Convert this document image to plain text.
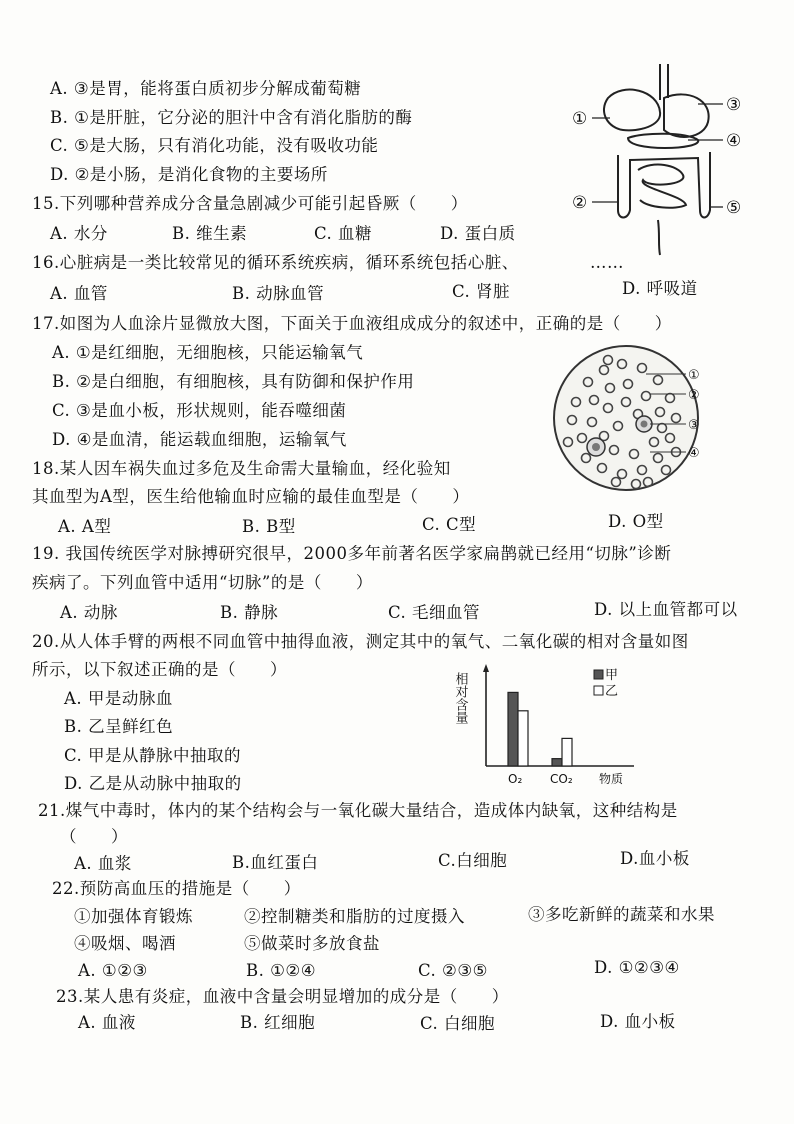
A. ③是胃，能将蛋白质初步分解成葡萄糖
B. ①是肝脏，它分泌的胆汁中含有消化脂肪的酶
C. ⑤是大肠，只有消化功能，没有吸收功能
D. ②是小肠，是消化食物的主要场所
①
②
③
④
⑤
15.下列哪种营养成分含量急剧减少可能引起昏厥（　　）
A. 水分	B. 维生素	C. 血糖	D. 蛋白质
16.心脏病是一类比较常见的循环系统疾病，循环系统包括心脏、	……
A. 血管	B. 动脉血管	C. 肾脏	D. 呼吸道
17.如图为人血涂片显微放大图，下面关于血液组成成分的叙述中，正确的是（　　）
A. ①是红细胞，无细胞核，只能运输氧气
B. ②是白细胞，有细胞核，具有防御和保护作用
C. ③是血小板，形状规则，能吞噬细菌
D. ④是血清，能运载血细胞，运输氧气
①
②
③
④
18.某人因车祸失血过多危及生命需大量输血，经化验知
其血型为A型，医生给他输血时应输的最佳血型是（　　）
A. A型	B. B型	C. C型	D. O型
19. 我国传统医学对脉搏研究很早，2000多年前著名医学家扁鹊就已经用“切脉”诊断
疾病了。下列血管中适用“切脉”的是（　　）
A. 动脉	B. 静脉	C. 毛细血管	D. 以上血管都可以
20.从人体手臂的两根不同血管中抽得血液，测定其中的氧气、二氧化碳的相对含量如图
所示，以下叙述正确的是（　　）
A. 甲是动脉血
B. 乙呈鲜红色
C. 甲是从静脉中抽取的
D. 乙是从动脉中抽取的
相对含量
物质
O₂ CO₂
甲
乙
21.煤气中毒时，体内的某个结构会与一氧化碳大量结合，造成体内缺氧，这种结构是
（　　）
A. 血浆	B.血红蛋白	C.白细胞	D.血小板
22.预防高血压的措施是（　　）
①加强体育锻炼	②控制糖类和脂肪的过度摄入	③多吃新鲜的蔬菜和水果
④吸烟、喝酒	⑤做菜时多放食盐
A. ①②③	B. ①②④	C. ②③⑤	D. ①②③④
23.某人患有炎症，血液中含量会明显增加的成分是（　　）
A. 血液	B. 红细胞	C. 白细胞	D. 血小板
